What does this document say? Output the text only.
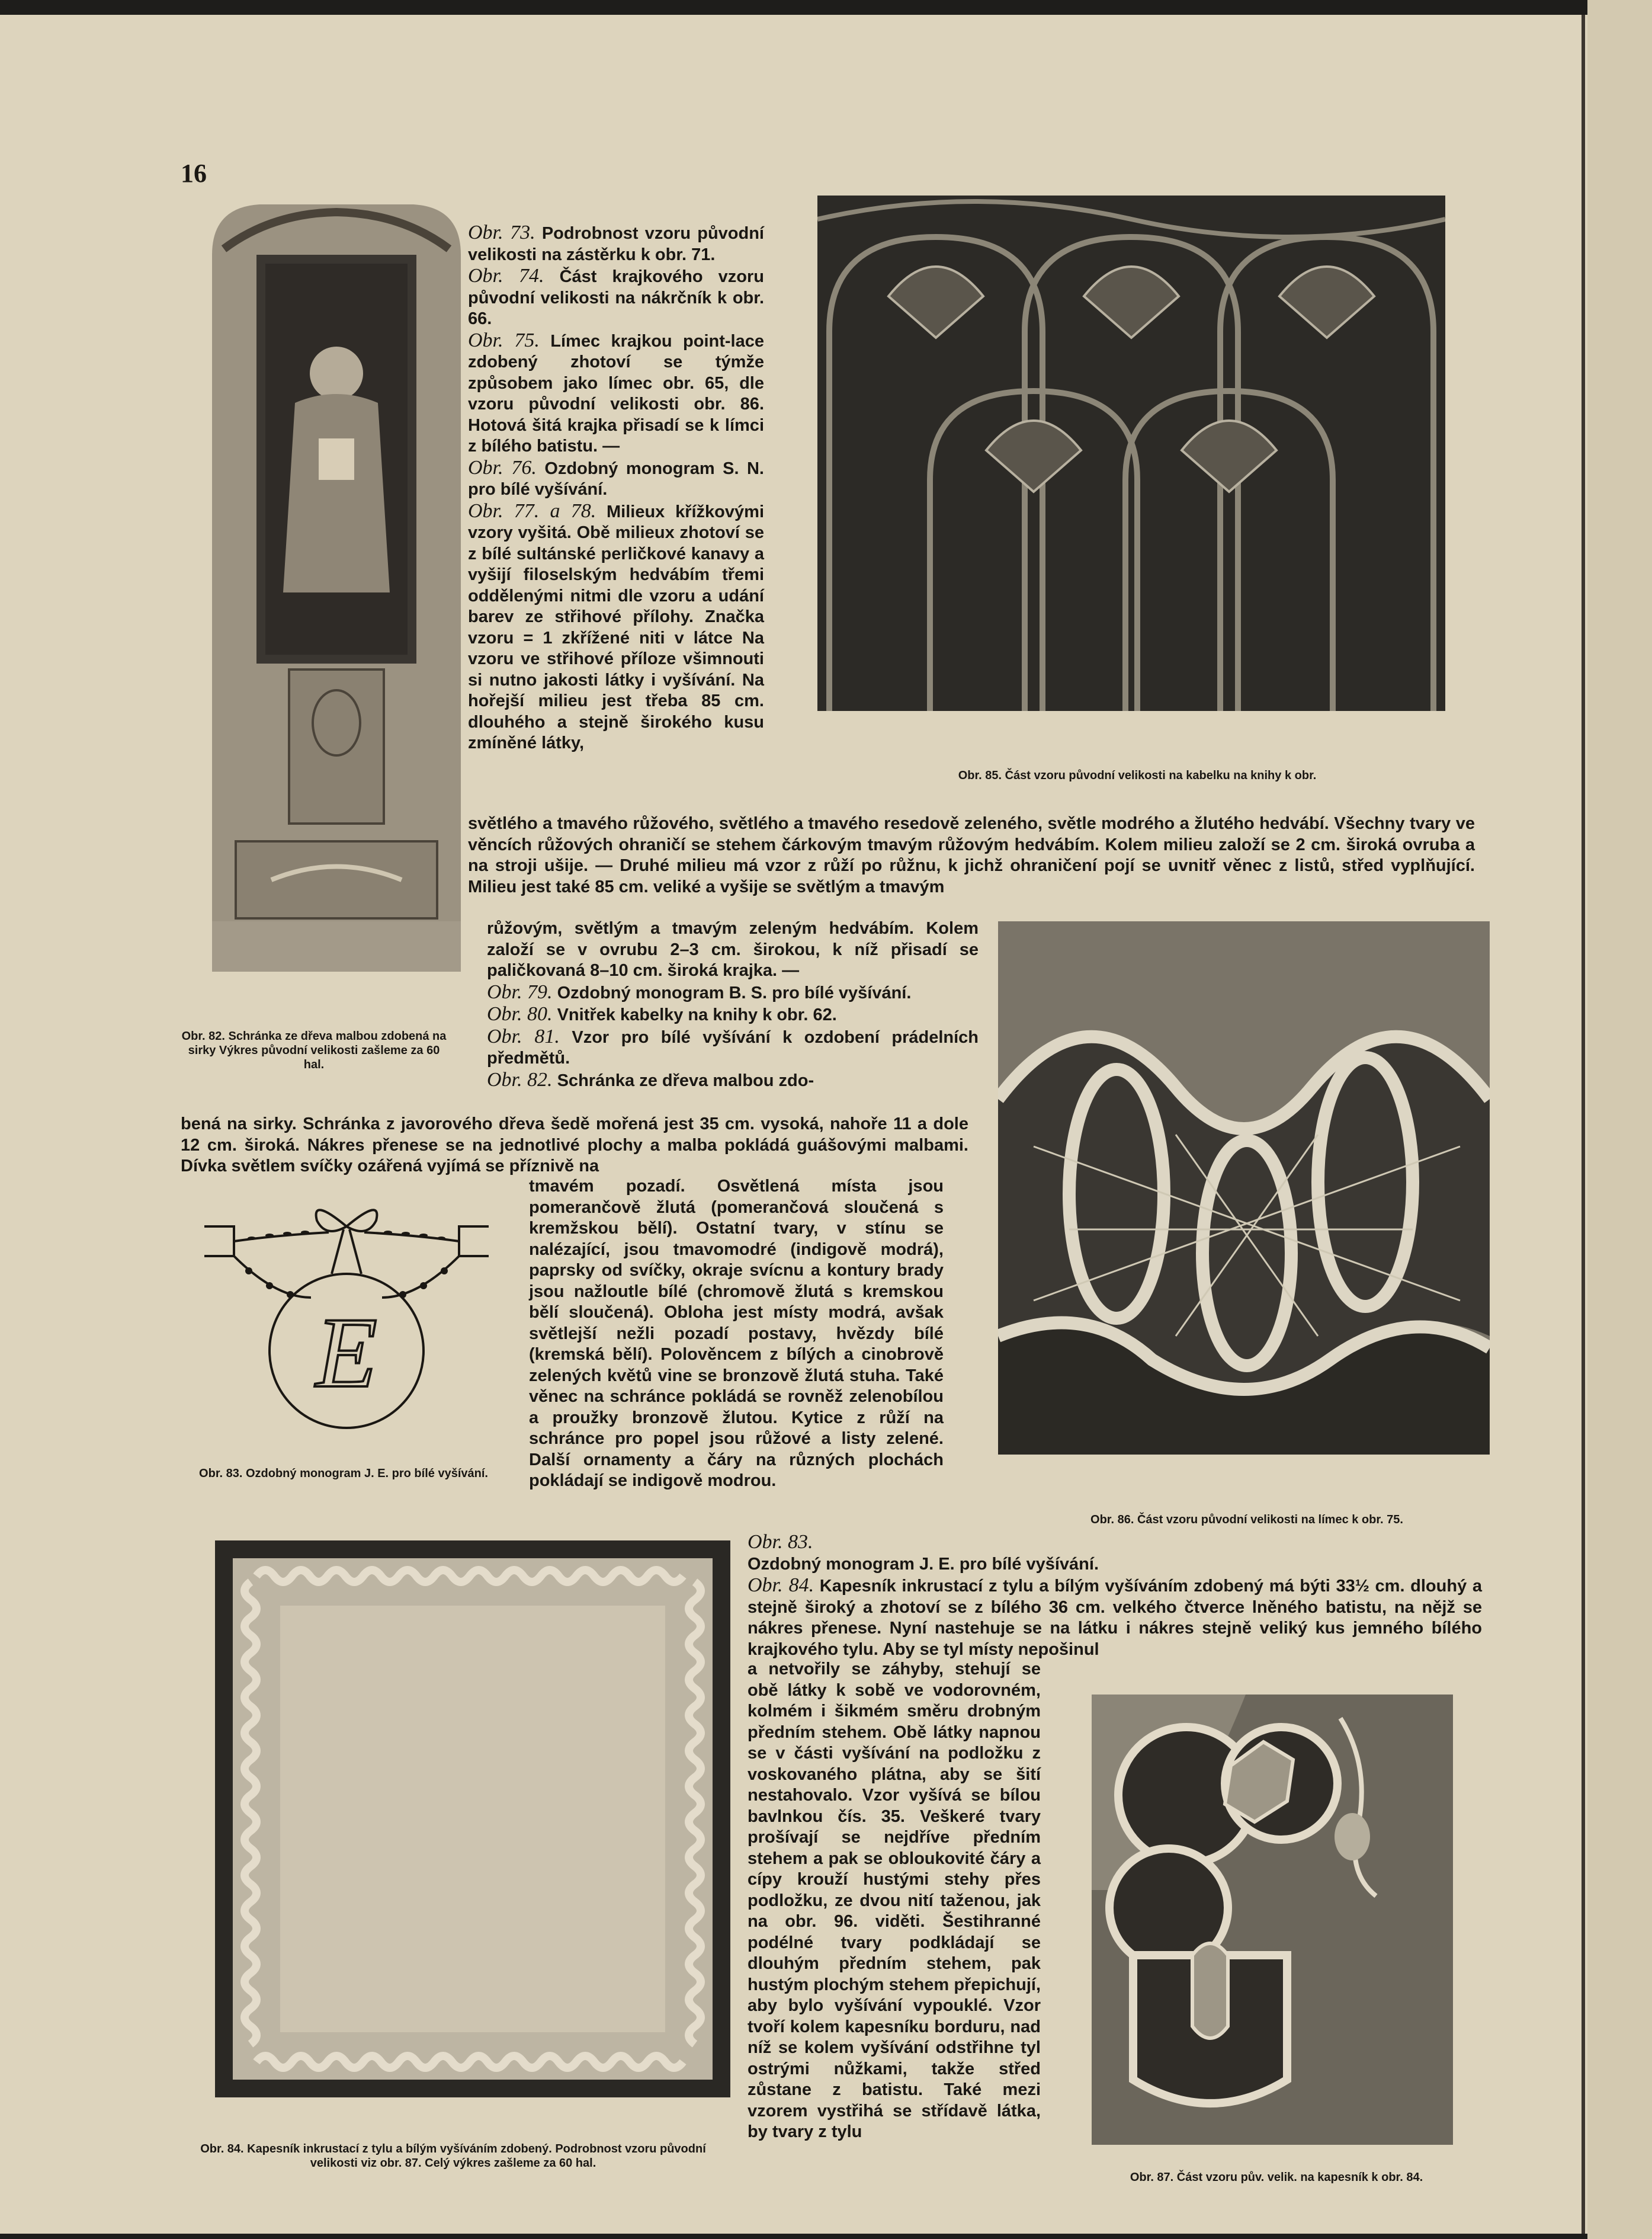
16
Obr. 82. Schránka ze dřeva malbou zdobená na sirky Výkres původní velikosti zašleme za 60 hal.

Obr. 73. Podrobnost vzoru původní velikosti na zástěrku k obr. 71.

Obr. 74. Část krajkového vzoru původní velikosti na nákrčník k obr. 66.

Obr. 75. Límec krajkou point-lace zdobený zhotoví se týmže způsobem jako límec obr. 65, dle vzoru původní velikosti obr. 86. Hotová šitá krajka přisadí se k límci z bílého batistu. —

Obr. 76. Ozdobný monogram S. N. pro bílé vyšívání.

Obr. 77. a 78. Milieux křížkovými vzory vyšitá. Obě milieux zhotoví se z bílé sultánské perličkové kanavy a vyšijí filoselským hedvábím třemi oddělenými nitmi dle vzoru a udání barev ze střihové přílohy. Značka vzoru = 1 zkřížené niti v látce Na vzoru ve střihové příloze všimnouti si nutno jakosti látky i vyšívání. Na hořejší milieu jest třeba 85 cm. dlouhého a stejně širokého kusu zmíněné látky,

Obr. 85. Část vzoru původní velikosti na kabelku na knihy k obr.
světlého a tmavého růžového, světlého a tmavého resedově zeleného, světle modrého a žlutého hedvábí. Všechny tvary ve věncích růžových ohraničí se stehem čárkovým tmavým růžovým hedvábím. Kolem milieu založí se 2 cm. široká ovruba a na stroji ušije. — Druhé milieu má vzor z růží po růžnu, k jichž ohraničení pojí se uvnitř věnec z listů, střed vyplňující. Milieu jest také 85 cm. veliké a vyšije se světlým a tmavým

růžovým, světlým a tmavým zeleným hedvábím. Kolem založí se v ovrubu 2–3 cm. širokou, k níž přisadí se paličkovaná 8–10 cm. široká krajka. —

Obr. 79. Ozdobný monogram B. S. pro bílé vyšívání.

Obr. 80. Vnitřek kabelky na knihy k obr. 62.

Obr. 81. Vzor pro bílé vyšívání k ozdobení prádelních předmětů.

Obr. 82. Schránka ze dřeva malbou zdo-

Obr. 86. Část vzoru původní velikosti na límec k obr. 75.
bená na sirky. Schránka z javorového dřeva šedě mořená jest 35 cm. vysoká, nahoře 11 a dole 12 cm. široká. Nákres přenese se na jednotlivé plochy a malba pokládá guášovými malbami. Dívka světlem svíčky ozářená vyjímá se příznivě na
E
Obr. 83. Ozdobný monogram J. E. pro bílé vyšívání.
tmavém pozadí. Osvětlená místa jsou pomerančově žlutá (pomerančová sloučená s kremžskou bělí). Ostatní tvary, v stínu se nalézající, jsou tmavomodré (indigově modrá), paprsky od svíčky, okraje svícnu a kontury brady jsou nažloutle bílé (chromově žlutá s kremskou bělí sloučená). Obloha jest místy modrá, avšak světlejší nežli pozadí postavy, hvězdy bílé (kremská bělí). Polověncem z bílých a cinobrově zelených květů vine se bronzově žlutá stuha. Také věnec na schránce pokládá se rovněž zelenobílou a proužky bronzově žlutou. Kytice z růží na schránce pro popel jsou růžové a listy zelené. Další ornamenty a čáry na různých plochách pokládají se indigově modrou.

Obr. 83.
Ozdobný monogram J. E. pro bílé vyšívání.

Obr. 84. Kapesník inkrustací z tylu a bílým vyšíváním zdobený má býti 33½ cm. dlouhý a stejně široký a zhotoví se z bílého 36 cm. velkého čtverce lněného batistu, na nějž se nákres přenese. Nyní nastehuje se na látku i nákres stejně veliký kus jemného bílého krajkového tylu. Aby se tyl místy nepošinul

a netvořily se záhyby, stehují se obě látky k sobě ve vodorovném, kolmém i šikmém směru drobným předním stehem. Obě látky napnou se v části vyšívání na podložku z voskovaného plátna, aby se šití nestahovalo. Vzor vyšívá se bílou bavlnkou čís. 35. Veškeré tvary prošívají se nejdříve předním stehem a pak se obloukovité čáry a cípy krouží hustými stehy přes podložku, ze dvou nití taženou, jak na obr. 96. viděti. Šestihranné podélné tvary podkládají se dlouhým předním stehem, pak hustým plochým stehem přepichují, aby bylo vyšívání vypouklé. Vzor tvoří kolem kapesníku borduru, nad níž se kolem vyšívání odstřihne tyl ostrými nůžkami, takže střed zůstane z batistu. Také mezi vzorem vystřihá se střídavě látka, by tvary z tylu
Obr. 84. Kapesník inkrustací z tylu a bílým vyšíváním zdobený. Podrobnost vzoru původní velikosti viz obr. 87. Celý výkres zašleme za 60 hal.
Obr. 87. Část vzoru pův. velik. na kapesník k obr. 84.
